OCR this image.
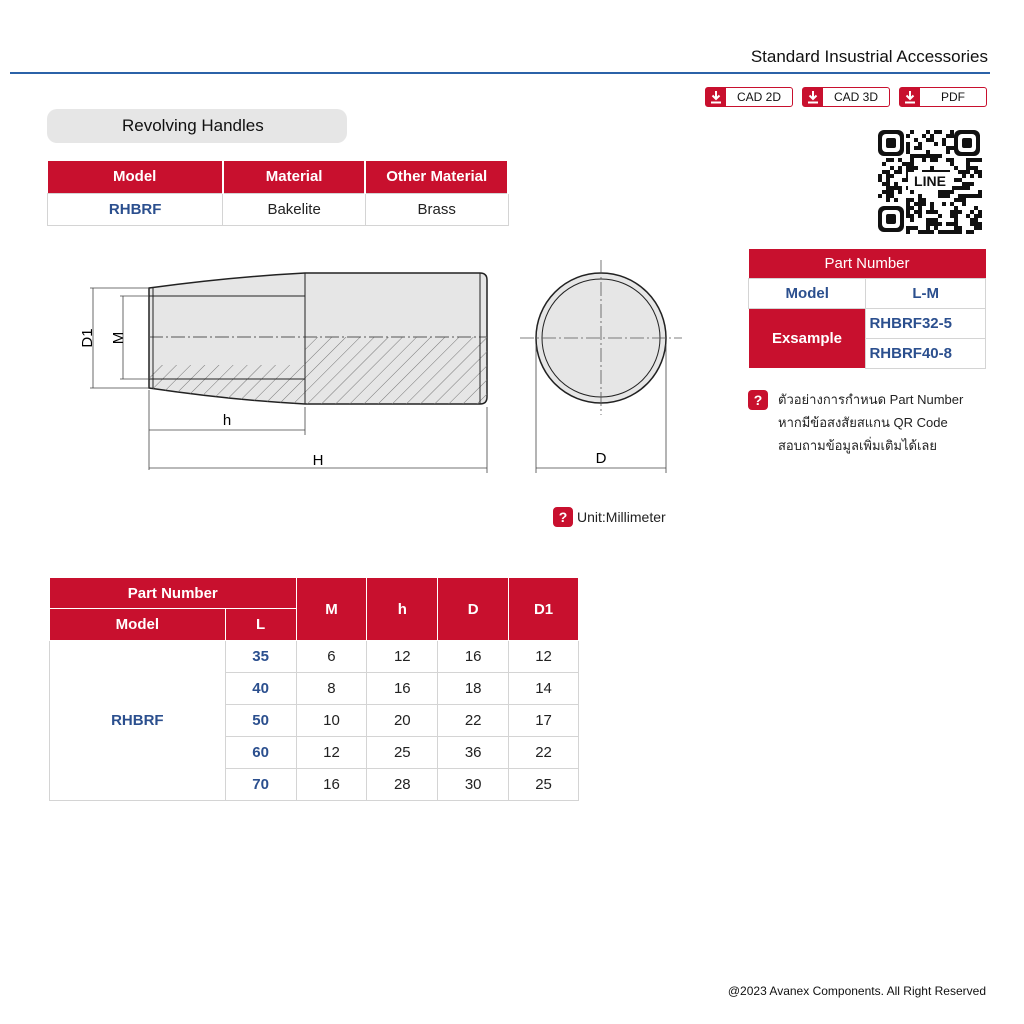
Standard Insustrial Accessories
CAD 2D	CAD 3D	PDF
Revolving Handles
Model	Material	Other Material
RHBRF	Bakelite	Brass
LINE
Part Number	
Model	L-M
Exsample	RHBRF32-5
	RHBRF40-8
?	ตัวอย่างการกำหนด Part Number
หากมีข้อสงสัยสแกน QR Code
สอบถามข้อมูลเพิ่มเติมได้เลย
D1 M
h
H	D
? Unit:Millimeter
Part Number		M	h	D	D1
Model	L				
RHBRF	35	6	12	16	12
	40	8	16	18	14
	50	10	20	22	17
	60	12	25	36	22
	70	16	28	30	25
@2023 Avanex Components. All Right Reserved
